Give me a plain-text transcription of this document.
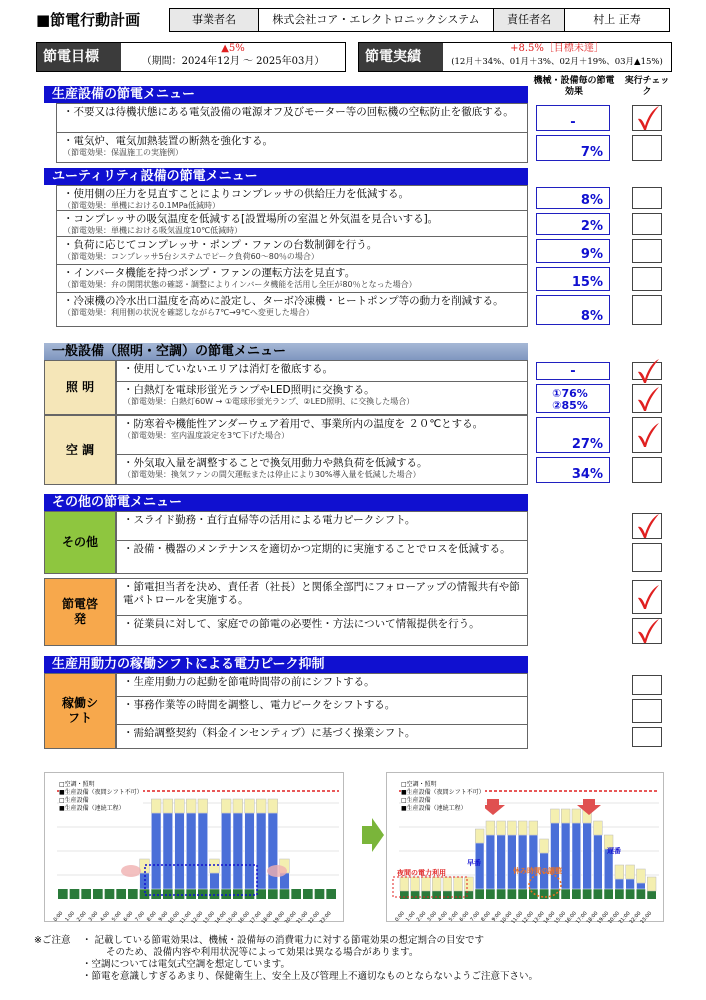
■節電行動計画	事業者名	株式会社コア・エレクトロニックシステム	責任者名	村上 正寿
節電目標
▲5%
（期間：2024年12月 ～ 2025年03月）	節電実績
+8.5%［目標未達］
(12月＋34%、01月＋3%、02月＋19%、03月▲15%)
機械・設備毎の節電効果
実行チェック
生産設備の節電メニュー
・不要又は待機状態にある電気設備の電源オフ及びモーター等の回転機の空転防止を徹底する。
-
・電気炉、電気加熱装置の断熱を強化する。
（節電効果：保温施工の実施例）	7%
ユーティリティ設備の節電メニュー
・使用側の圧力を見直すことによりコンプレッサの供給圧力を低減する。
（節電効果：単機における0.1MPa低減時）	8%
・コンプレッサの吸気温度を低減する[設置場所の室温と外気温を見合いする]。
（節電効果：単機における吸気温度10℃低減時）	2%
・負荷に応じてコンプレッサ・ポンプ・ファンの台数制御を行う。
（節電効果：コンプレッサ5台システムでピーク負荷60～80％の場合）	9%
・インバータ機能を持つポンプ・ファンの運転方法を見直す。
（節電効果：弁の開閉状態の確認・調整によりインバータ機能を活用し全圧が80％となった場合）	15%
・冷凍機の冷水出口温度を高めに設定し、ターボ冷凍機・ヒートポンプ等の動力を削減する。
（節電効果：利用側の状況を確認しながら7℃→9℃へ変更した場合）	8%
一般設備（照明・空調）の節電メニュー
照 明
・使用していないエリアは消灯を徹底する。	-
・白熱灯を電球形蛍光ランプやLED照明に交換する。
（節電効果：白熱灯60W → ①電球形蛍光ランプ、②LED照明、に交換した場合）
①76%
②85%
空 調
・防寒着や機能性アンダーウェア着用で、事業所内の温度を ２０℃とする。
（節電効果：室内温度設定を3℃下げた場合）
27%
・外気取入量を調整することで換気用動力や熱負荷を低減する。
（節電効果：換気ファンの間欠運転または停止により30%導入量を低減した場合）	34%
その他の節電メニュー
その他
・スライド勤務・直行直帰等の活用による電力ピークシフト。
・設備・機器のメンテナンスを適切かつ定期的に実施することでロスを低減する。
節電啓発
・節電担当者を決め、責任者（社長）と関係全部門にフォローアップの情報共有や節電パトロールを実施する。
・従業員に対して、家庭での節電の必要性・方法について情報提供を行う。
生産用動力の稼働シフトによる電力ピーク抑制
稼働シフト
・生産用動力の起動を節電時間帯の前にシフトする。
・事務作業等の時間を調整し、電力ピークをシフトする。
・需給調整契約（料金インセンティブ）に基づく操業シフト。
0:00 1:00 2:00 3:00 4:00 5:00 6:00 7:00 8:00 9:00
10:00
11:00
12:00
13:00
14:00
15:00
16:00
17:00
18:00
19:00
20:00
21:00
22:00
23:00
□空調・照明
■生産設備（夜間シフト不可）
□生産設備
■生産設備（連続工程）
0:00
1:00
2:00
3:00
4:00
5:00
6:00
7:00
8:00
9:00
10:00
11:00
12:00
13:00
14:00
15:00
16:00
17:00
18:00
19:00
20:00
21:00
22:00
23:00
夜間の電力利用
早番
休み時間の調整
遅番
□空調・照明
■生産設備（夜間シフト不可）
□生産設備
■生産設備（連続工程）
※ご注意 ・ 記載している節電効果は、機械・設備毎の消費電力に対する節電効果の想定割合の目安です
そのため、設備内容や利用状況等によって効果は異なる場合があります。
・空調については電気式空調を想定しています。
・節電を意識しすぎるあまり、保健衛生上、安全上及び管理上不適切なものとならないようご注意下さい。
